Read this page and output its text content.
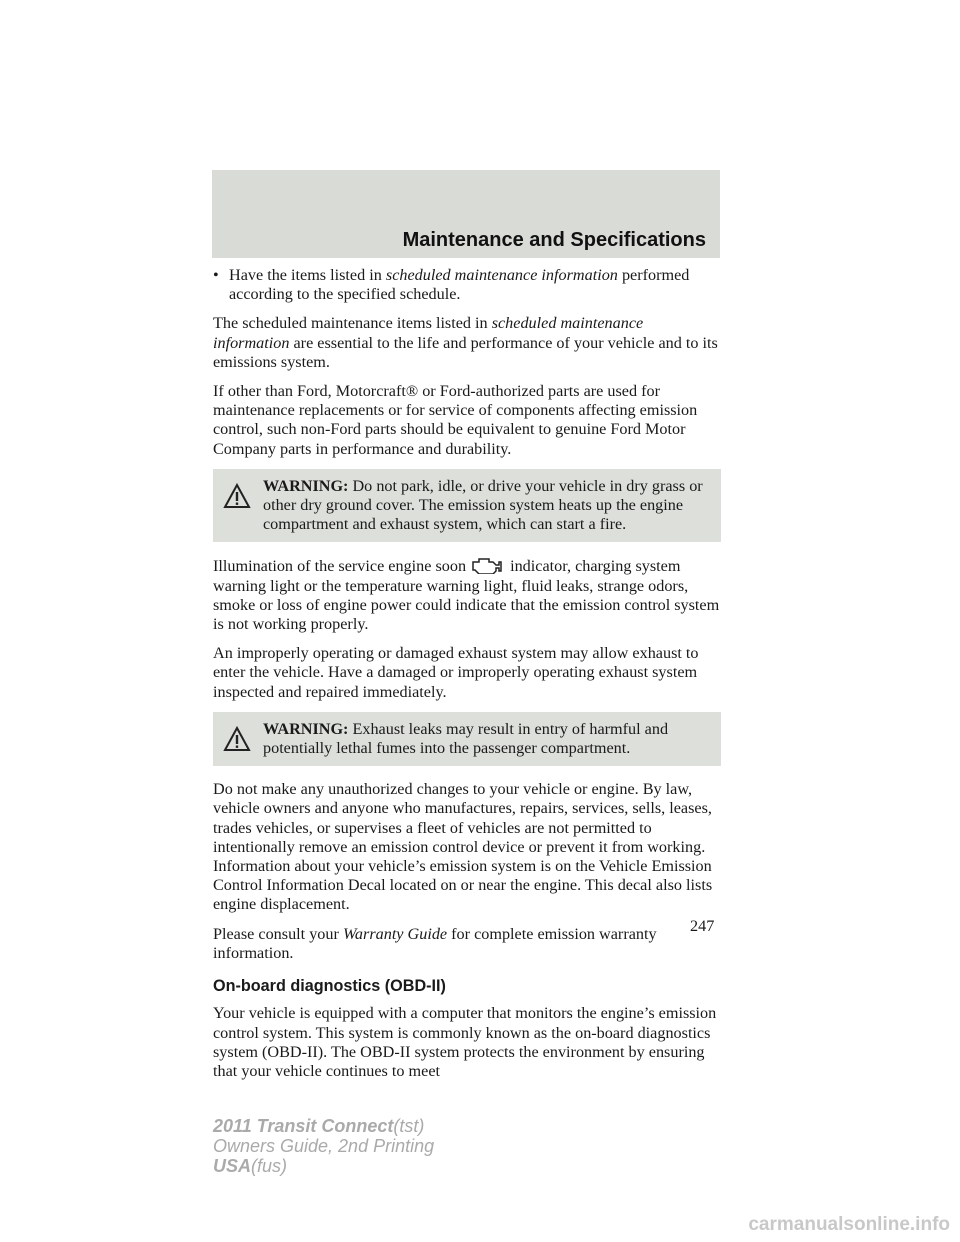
Maintenance and Specifications
• Have the items listed in scheduled maintenance information performed according to the specified schedule.

The scheduled maintenance items listed in scheduled maintenance information are essential to the life and performance of your vehicle and to its emissions system.

If other than Ford, Motorcraft® or Ford-authorized parts are used for maintenance replacements or for service of components affecting emission control, such non-Ford parts should be equivalent to genuine Ford Motor Company parts in performance and durability.

WARNING: Do not park, idle, or drive your vehicle in dry grass or other dry ground cover. The emission system heats up the engine compartment and exhaust system, which can start a fire.

Illumination of the service engine soon	indicator, charging system warning light or the temperature warning light, fluid leaks, strange odors, smoke or loss of engine power could indicate that the emission control system is not working properly.

An improperly operating or damaged exhaust system may allow exhaust to enter the vehicle. Have a damaged or improperly operating exhaust system inspected and repaired immediately.

WARNING: Exhaust leaks may result in entry of harmful and potentially lethal fumes into the passenger compartment.

Do not make any unauthorized changes to your vehicle or engine. By law, vehicle owners and anyone who manufactures, repairs, services, sells, leases, trades vehicles, or supervises a fleet of vehicles are not permitted to intentionally remove an emission control device or prevent it from working. Information about your vehicle’s emission system is on the Vehicle Emission Control Information Decal located on or near the engine. This decal also lists engine displacement.

Please consult your Warranty Guide for complete emission warranty information.

On-board diagnostics (OBD-II)

Your vehicle is equipped with a computer that monitors the engine’s emission control system. This system is commonly known as the on-board diagnostics system (OBD-II). The OBD-II system protects the environment by ensuring that your vehicle continues to meet

247
2011 Transit Connect(tst)
Owners Guide, 2nd Printing
USA(fus)
carmanualsonline.info
